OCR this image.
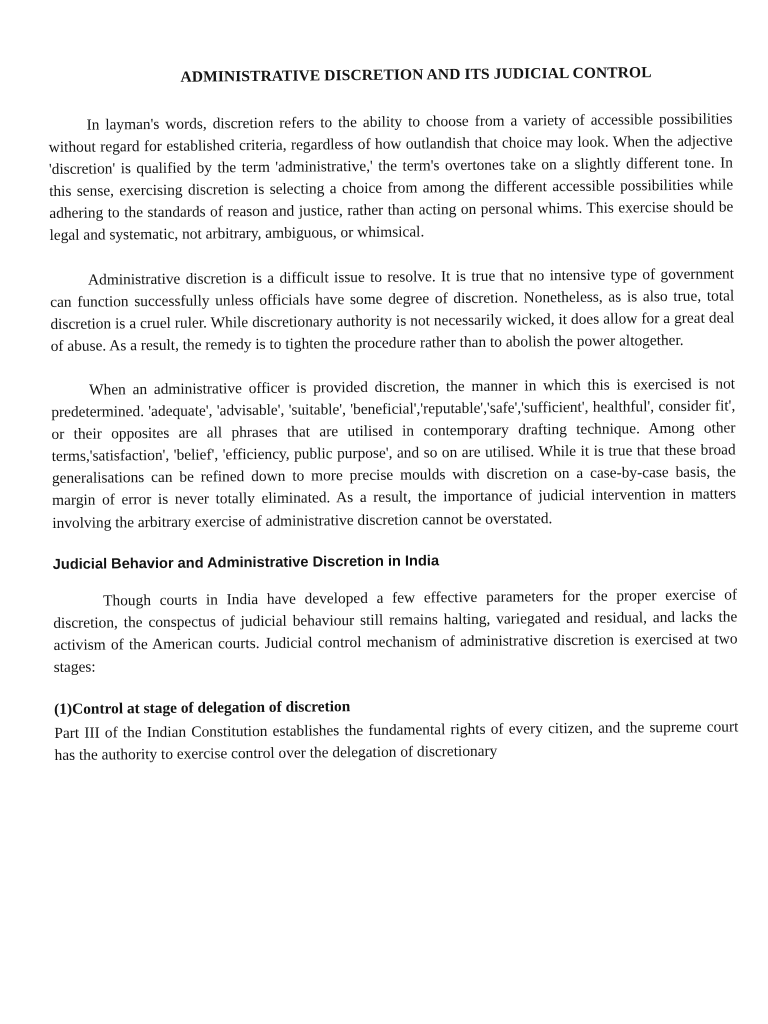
ADMINISTRATIVE DISCRETION AND ITS JUDICIAL CONTROL

In layman's words, discretion refers to the ability to choose from a variety of accessible possibilities without regard for established criteria, regardless of how outlandish that choice may look. When the adjective 'discretion' is qualified by the term 'administrative,' the term's overtones take on a slightly different tone. In this sense, exercising discretion is selecting a choice from among the different accessible possibilities while adhering to the standards of reason and justice, rather than acting on personal whims. This exercise should be legal and systematic, not arbitrary, ambiguous, or whimsical.

Administrative discretion is a difficult issue to resolve. It is true that no intensive type of government can function successfully unless officials have some degree of discretion. Nonetheless, as is also true, total discretion is a cruel ruler. While discretionary authority is not necessarily wicked, it does allow for a great deal of abuse. As a result, the remedy is to tighten the procedure rather than to abolish the power altogether.

When an administrative officer is provided discretion, the manner in which this is exercised is not predetermined. 'adequate', 'advisable', 'suitable', 'beneficial','reputable','safe','sufficient', healthful', consider fit', or their opposites are all phrases that are utilised in contemporary drafting technique. Among other terms,'satisfaction', 'belief', 'efficiency, public purpose', and so on are utilised. While it is true that these broad generalisations can be refined down to more precise moulds with discretion on a case-by-case basis, the margin of error is never totally eliminated. As a result, the importance of judicial intervention in matters involving the arbitrary exercise of administrative discretion cannot be overstated.

Judicial Behavior and Administrative Discretion in India

Though courts in India have developed a few effective parameters for the proper exercise of discretion, the conspectus of judicial behaviour still remains halting, variegated and residual, and lacks the activism of the American courts. Judicial control mechanism of administrative discretion is exercised at two stages:

(1)Control at stage of delegation of discretion

Part III of the Indian Constitution establishes the fundamental rights of every citizen, and the supreme court has the authority to exercise control over the delegation of discretionary
